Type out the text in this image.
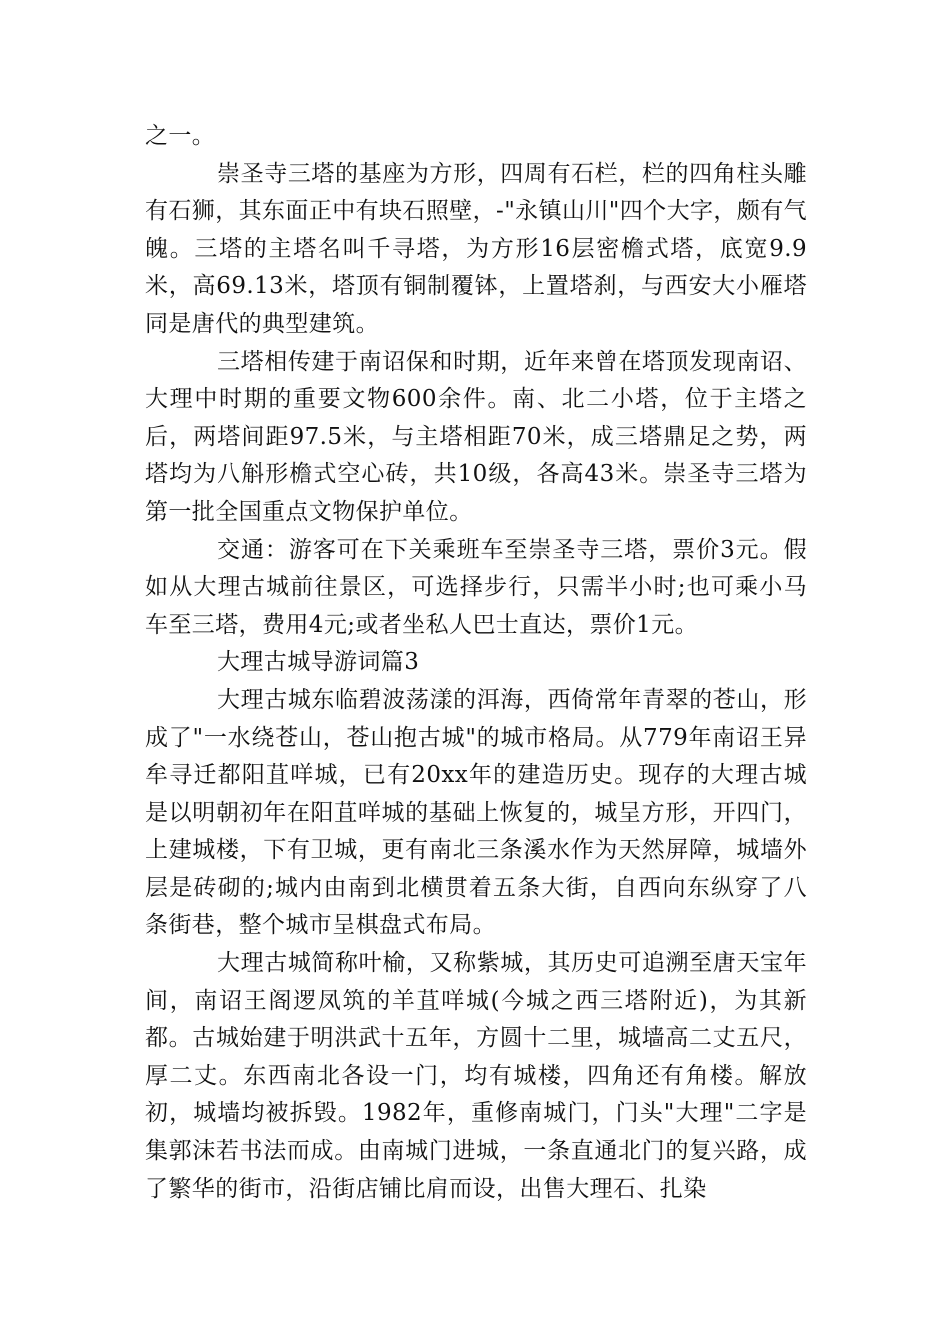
之一。

崇圣寺三塔的基座为方形，四周有石栏，栏的四角柱头雕有石狮，其东面正中有块石照壁，-"永镇山川"四个大字，颇有气魄。三塔的主塔名叫千寻塔，为方形16层密檐式塔，底宽9.9米，高69.13米，塔顶有铜制覆钵，上置塔刹，与西安大小雁塔同是唐代的典型建筑。

三塔相传建于南诏保和时期，近年来曾在塔顶发现南诏、大理中时期的重要文物600余件。南、北二小塔，位于主塔之后，两塔间距97.5米，与主塔相距70米，成三塔鼎足之势，两塔均为八斛形檐式空心砖，共10级，各高43米。崇圣寺三塔为第一批全国重点文物保护单位。

交通：游客可在下关乘班车至崇圣寺三塔，票价3元。假如从大理古城前往景区，可选择步行，只需半小时;也可乘小马车至三塔，费用4元;或者坐私人巴士直达，票价1元。

大理古城导游词篇3

大理古城东临碧波荡漾的洱海，西倚常年青翠的苍山，形成了"一水绕苍山，苍山抱古城"的城市格局。从779年南诏王异牟寻迁都阳苴咩城，已有20xx年的建造历史。现存的大理古城是以明朝初年在阳苴咩城的基础上恢复的，城呈方形，开四门，上建城楼，下有卫城，更有南北三条溪水作为天然屏障，城墙外层是砖砌的;城内由南到北横贯着五条大街，自西向东纵穿了八条街巷，整个城市呈棋盘式布局。

大理古城简称叶榆，又称紫城，其历史可追溯至唐天宝年间，南诏王阁逻凤筑的羊苴咩城(今城之西三塔附近)，为其新都。古城始建于明洪武十五年，方圆十二里，城墙高二丈五尺，厚二丈。东西南北各设一门，均有城楼，四角还有角楼。解放初，城墙均被拆毁。1982年，重修南城门，门头"大理"二字是集郭沫若书法而成。由南城门进城，一条直通北门的复兴路，成了繁华的街市，沿街店铺比肩而设，出售大理石、扎染
